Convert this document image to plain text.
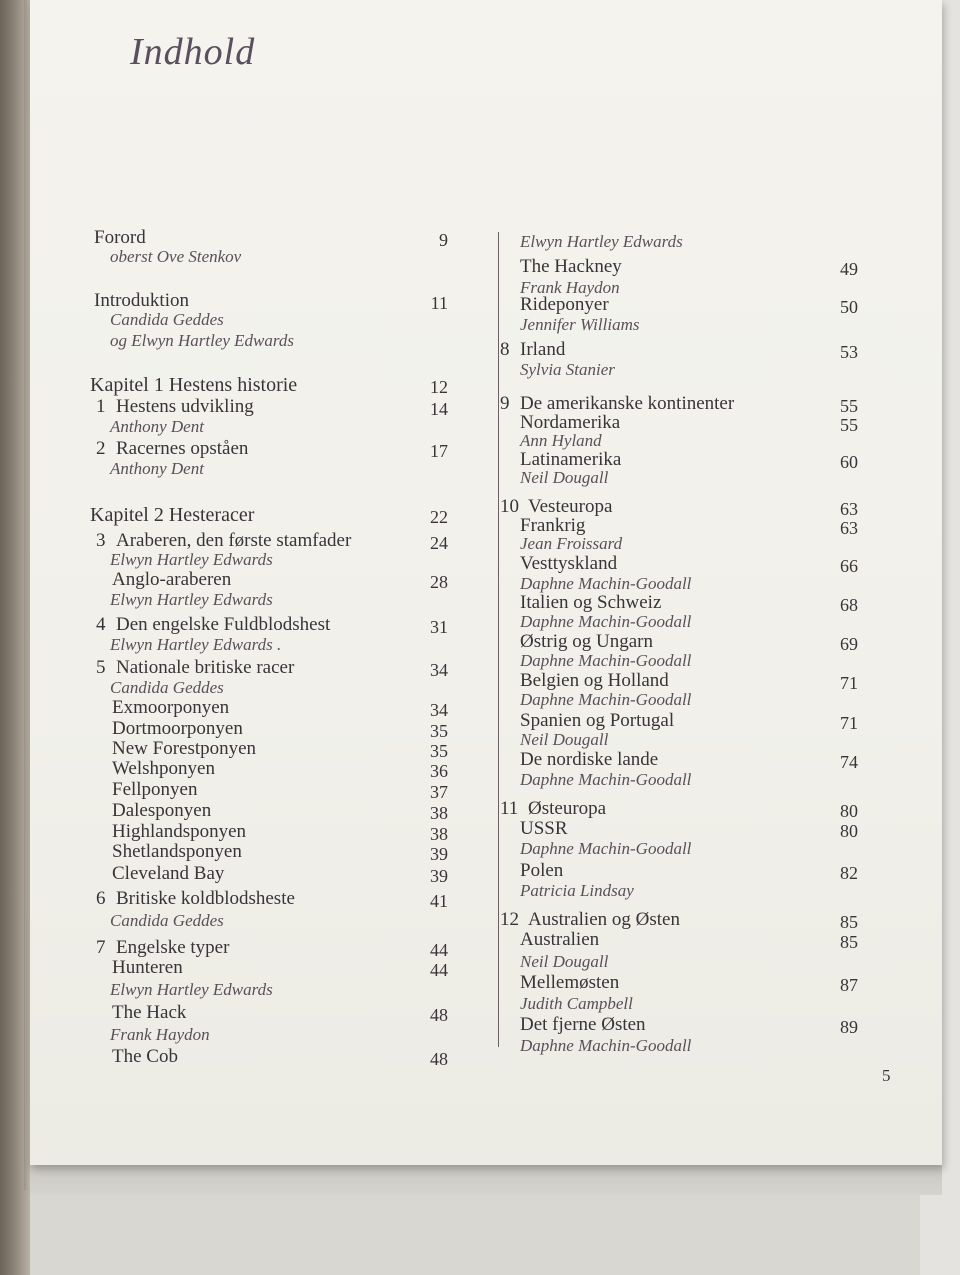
Indhold
Forord	9
oberst Ove Stenkov
Introduktion	11
Candida Geddes
og Elwyn Hartley Edwards
Kapitel 1 Hestens historie	12
1 Hestens udvikling	14
Anthony Dent
2 Racernes opståen	17
Anthony Dent
Kapitel 2 Hesteracer	22
3 Araberen, den første stamfader	24
Elwyn Hartley Edwards
Anglo-araberen	28
Elwyn Hartley Edwards
4 Den engelske Fuldblodshest	31
Elwyn Hartley Edwards .
5 Nationale britiske racer	34
Candida Geddes
Exmoorponyen	34
Dortmoorponyen	35
New Forestponyen	35
Welshponyen	36
Fellponyen	37
Dalesponyen	38
Highlandsponyen	38
Shetlandsponyen	39
Cleveland Bay	39
6 Britiske koldblodsheste	41
Candida Geddes
7 Engelske typer	44
Hunteren	44
Elwyn Hartley Edwards
The Hack	48
Frank Haydon
The Cob	48
Elwyn Hartley Edwards
The Hackney	49
Frank Haydon
Rideponyer	50
Jennifer Williams
8 Irland	53
Sylvia Stanier
9 De amerikanske kontinenter	55
Nordamerika	55
Ann Hyland
Latinamerika	60
Neil Dougall
10 Vesteuropa	63
Frankrig	63
Jean Froissard
Vesttyskland	66
Daphne Machin-Goodall
Italien og Schweiz	68
Daphne Machin-Goodall
Østrig og Ungarn	69
Daphne Machin-Goodall
Belgien og Holland	71
Daphne Machin-Goodall
Spanien og Portugal	71
Neil Dougall
De nordiske lande	74
Daphne Machin-Goodall
11 Østeuropa	80
USSR	80
Daphne Machin-Goodall
Polen	82
Patricia Lindsay
12 Australien og Østen	85
Australien	85
Neil Dougall
Mellemøsten	87
Judith Campbell
Det fjerne Østen	89
Daphne Machin-Goodall
5
